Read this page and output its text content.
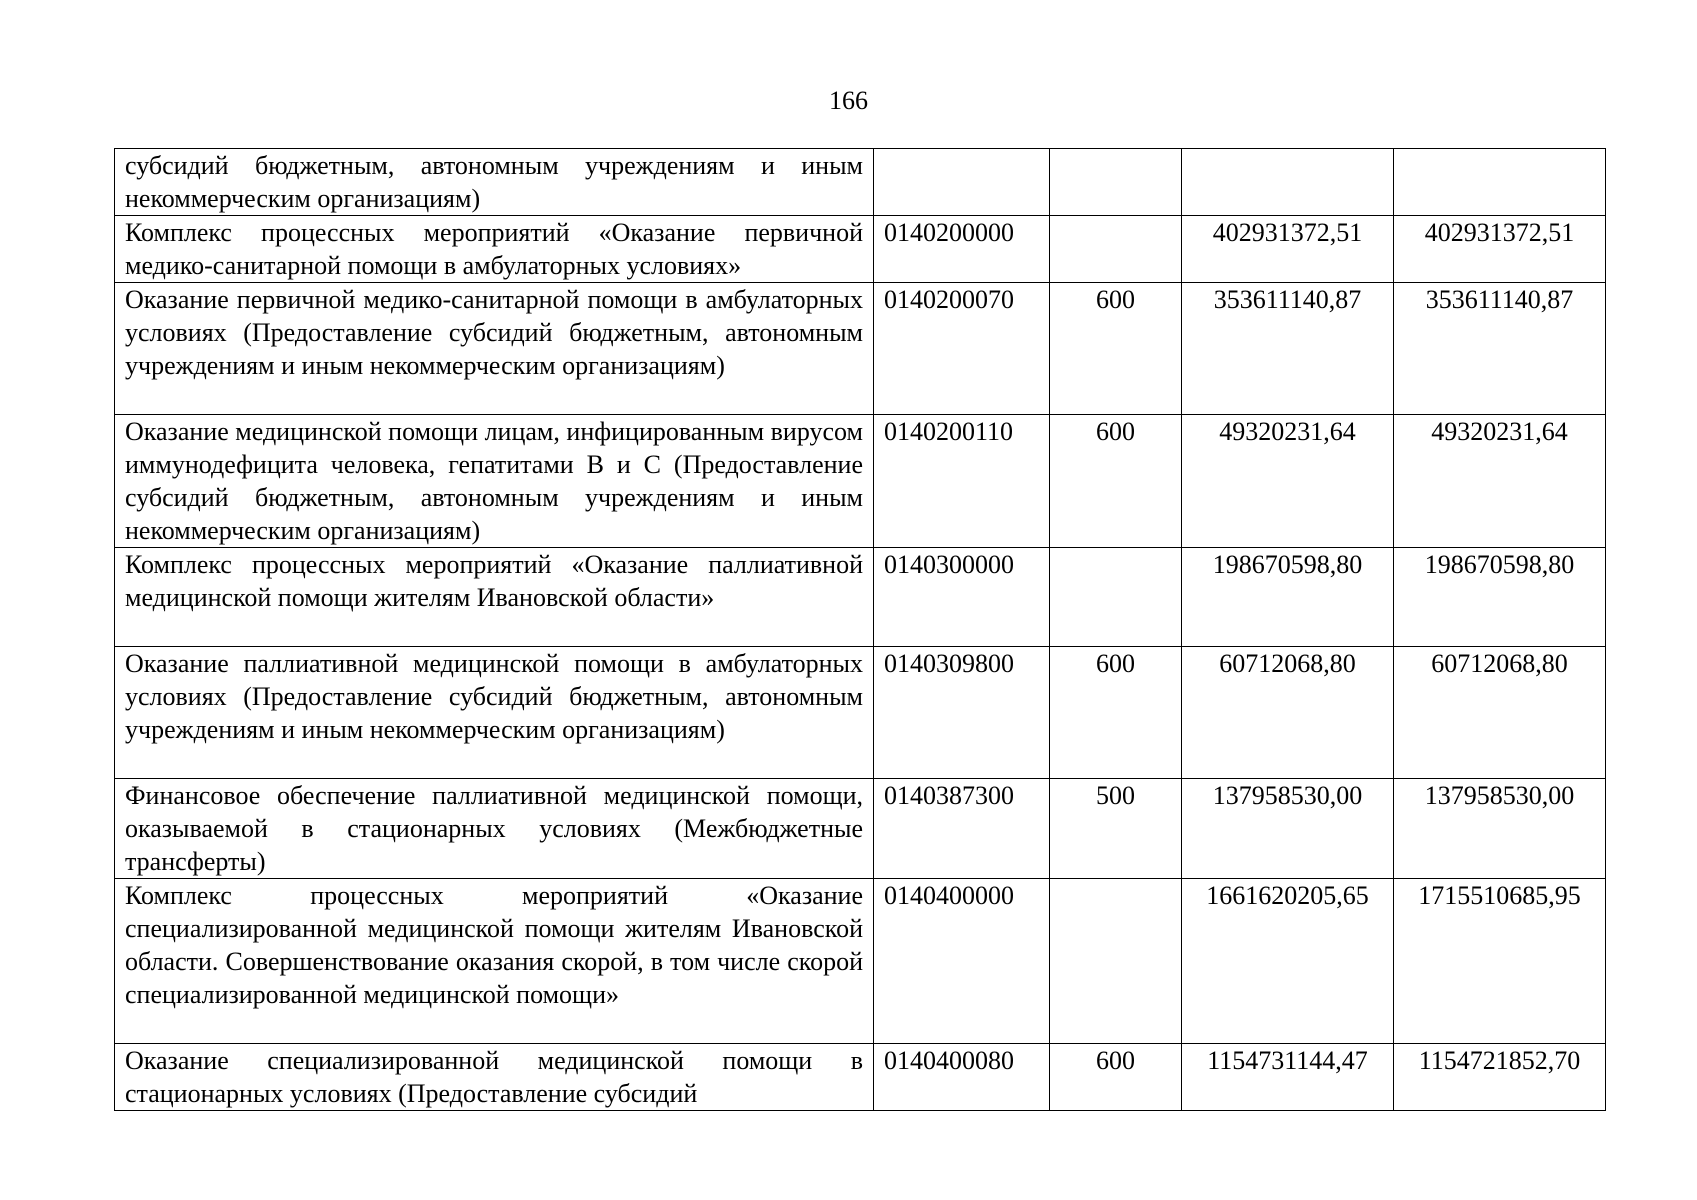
166
субсидий бюджетным, автономным учреждениям и иным некоммерческим организациям)				
Комплекс процессных мероприятий «Оказание первичной медико-санитарной помощи в амбулаторных условиях»	0140200000		402931372,51	402931372,51
Оказание первичной медико-санитарной помощи в амбулаторных условиях (Предоставление субсидий бюджетным, автономным учреждениям и иным некоммерческим организациям)	0140200070	600	353611140,87	353611140,87
Оказание медицинской помощи лицам, инфицированным вирусом иммунодефицита человека, гепатитами В и С (Предоставление субсидий бюджетным, автономным учреждениям и иным некоммерческим организациям)	0140200110	600	49320231,64	49320231,64
Комплекс процессных мероприятий «Оказание паллиативной медицинской помощи жителям Ивановской области»	0140300000		198670598,80	198670598,80
Оказание паллиативной медицинской помощи в амбулаторных условиях (Предоставление субсидий бюджетным, автономным учреждениям и иным некоммерческим организациям)	0140309800	600	60712068,80	60712068,80
Финансовое обеспечение паллиативной медицинской помощи, оказываемой в стационарных условиях (Межбюджетные трансферты)	0140387300	500	137958530,00	137958530,00
Комплекс процессных мероприятий «Оказание специализированной медицинской помощи жителям Ивановской области. Совершенствование оказания скорой, в том числе скорой специализированной медицинской помощи»	0140400000		1661620205,65	1715510685,95
Оказание специализированной медицинской помощи в стационарных условиях (Предоставление субсидий	0140400080	600	1154731144,47	1154721852,70
